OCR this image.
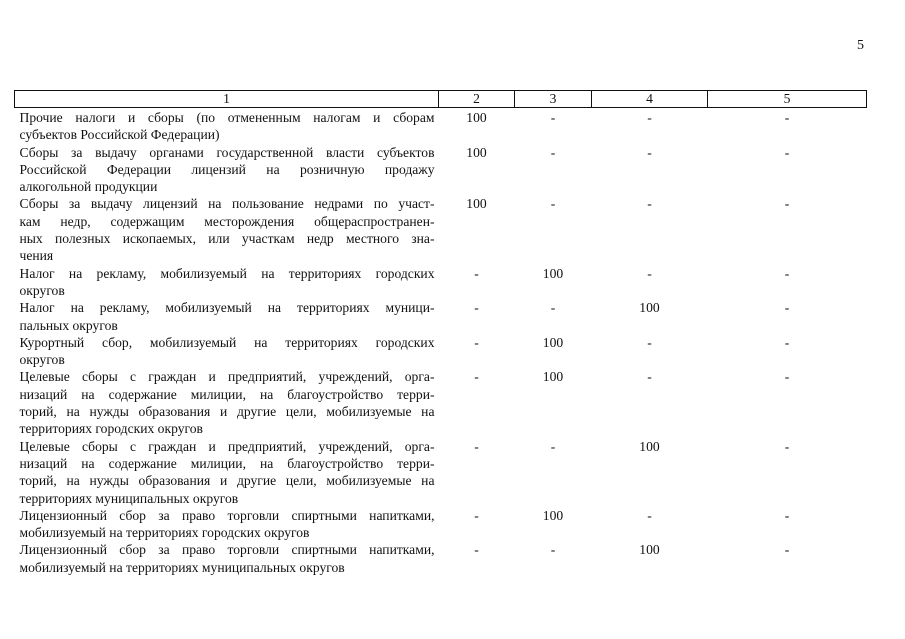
5
1	2	3	4	5

Прочие налоги и сборы (по отмененным налогам и сборам
субъектов Российской Федерации)	100	-	-	-

Сборы за выдачу органами государственной власти субъектов
Российской Федерации лицензий на розничную продажу
алкогольной продукции	100	-	-	-

Сборы за выдачу лицензий на пользование недрами по участ-
кам недр, содержащим месторождения общераспространен-
ных полезных ископаемых, или участкам недр местного зна-
чения	100	-	-	-

Налог на рекламу, мобилизуемый на территориях городских
округов	-	100	-	-

Налог на рекламу, мобилизуемый на территориях муници-
пальных округов	-	-	100	-

Курортный сбор, мобилизуемый на территориях городских
округов	-	100	-	-

Целевые сборы с граждан и предприятий, учреждений, орга-
низаций на содержание милиции, на благоустройство терри-
торий, на нужды образования и другие цели, мобилизуемые на
территориях городских округов	-	100	-	-

Целевые сборы с граждан и предприятий, учреждений, орга-
низаций на содержание милиции, на благоустройство терри-
торий, на нужды образования и другие цели, мобилизуемые на
территориях муниципальных округов	-	-	100	-

Лицензионный сбор за право торговли спиртными напитками,
мобилизуемый на территориях городских округов	-	100	-	-

Лицензионный сбор за право торговли спиртными напитками,
мобилизуемый на территориях муниципальных округов	-	-	100	-
